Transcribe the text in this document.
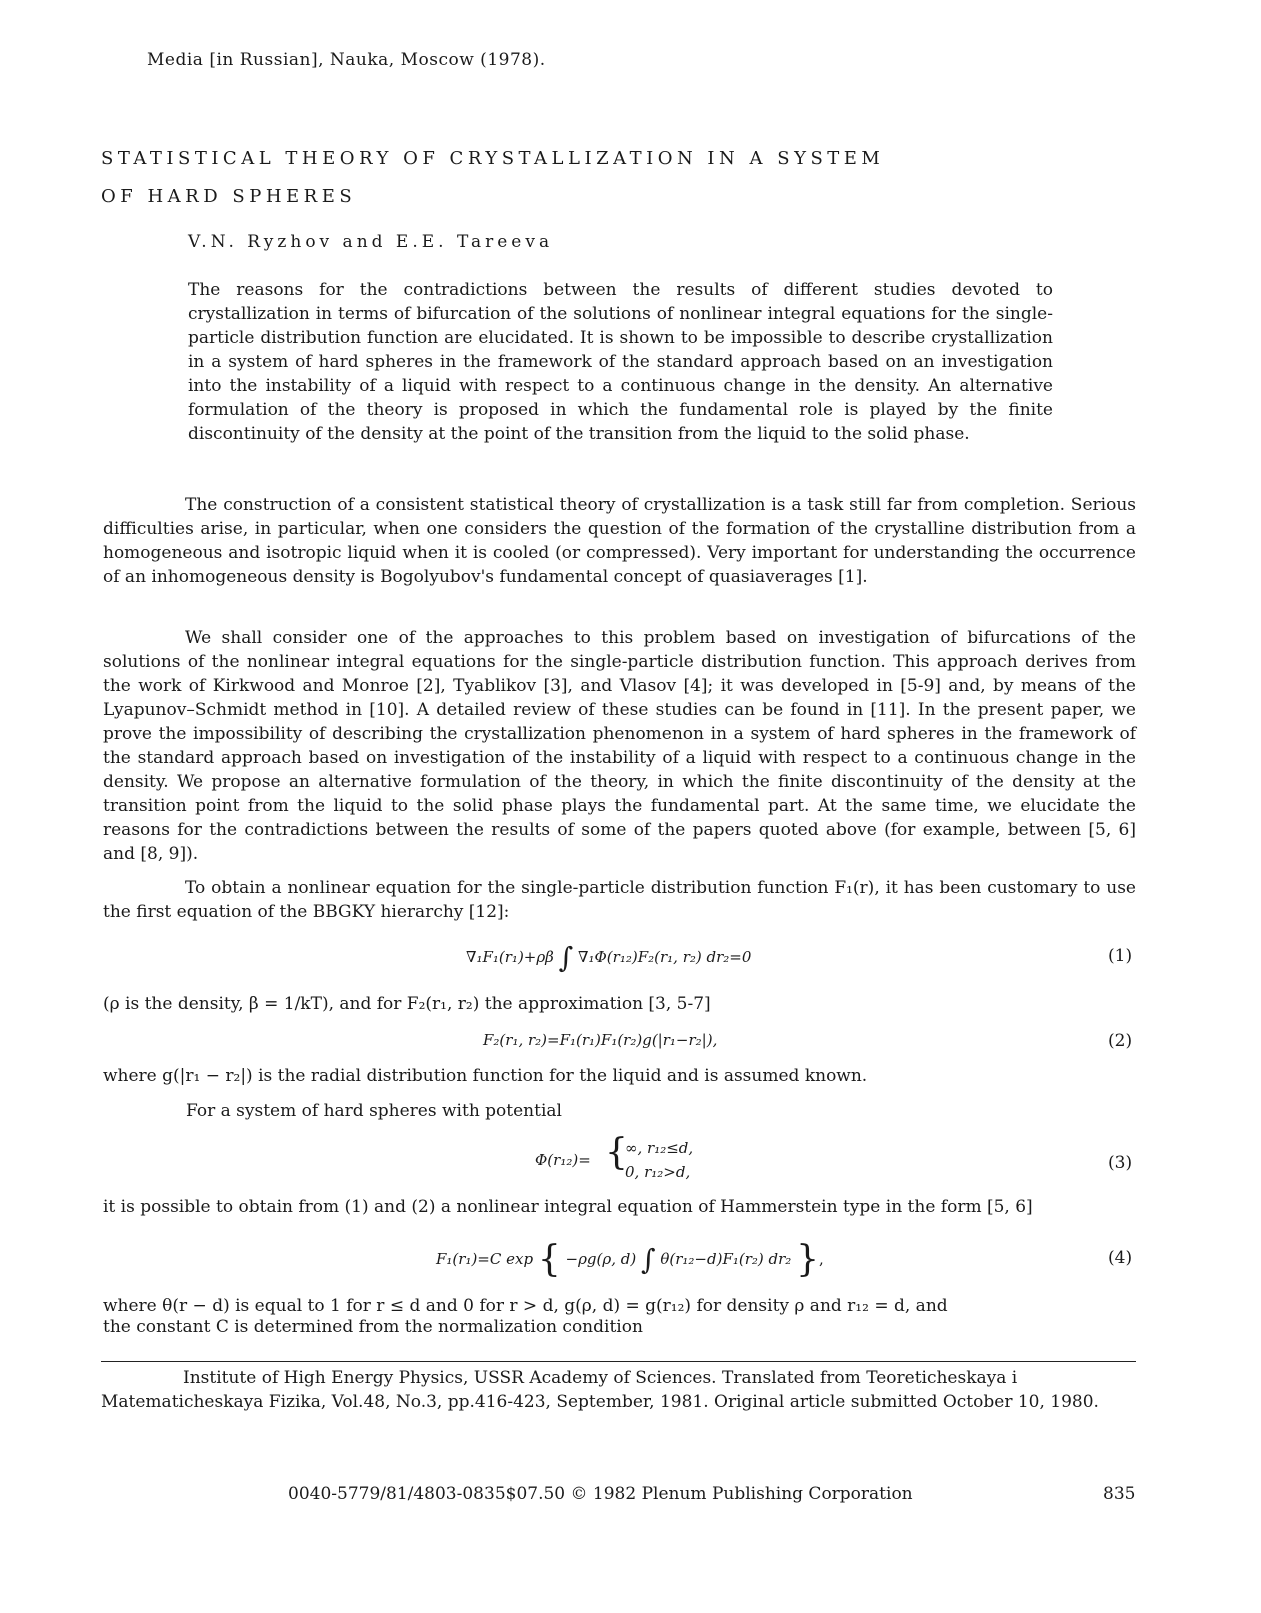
Media [in Russian], Nauka, Moscow (1978).
STATISTICAL THEORY OF CRYSTALLIZATION IN A SYSTEM
OF HARD SPHERES
V.N. Ryzhov and E.E. Tareeva
The reasons for the contradictions between the results of different studies devoted to crystallization in terms of bifurcation of the solutions of nonlinear integral equations for the single-particle distribution function are elucidated. It is shown to be impossible to describe crystallization in a system of hard spheres in the framework of the standard approach based on an investigation into the instability of a liquid with respect to a continuous change in the density. An alternative formulation of the theory is proposed in which the fundamental role is played by the finite discontinuity of the density at the point of the transition from the liquid to the solid phase.
The construction of a consistent statistical theory of crystallization is a task still far from completion. Serious difficulties arise, in particular, when one considers the question of the formation of the crystalline distribution from a homogeneous and isotropic liquid when it is cooled (or compressed). Very important for understanding the occurrence of an inhomogeneous density is Bogolyubov's fundamental concept of quasiaverages [1].
We shall consider one of the approaches to this problem based on investigation of bifurcations of the solutions of the nonlinear integral equations for the single-particle distribution function. This approach derives from the work of Kirkwood and Monroe [2], Tyablikov [3], and Vlasov [4]; it was developed in [5-9] and, by means of the Lyapunov–Schmidt method in [10]. A detailed review of these studies can be found in [11]. In the present paper, we prove the impossibility of describing the crystallization phenomenon in a system of hard spheres in the framework of the standard approach based on investigation of the instability of a liquid with respect to a continuous change in the density. We propose an alternative formulation of the theory, in which the finite discontinuity of the density at the transition point from the liquid to the solid phase plays the fundamental part. At the same time, we elucidate the reasons for the contradictions between the results of some of the papers quoted above (for example, between [5, 6] and [8, 9]).
To obtain a nonlinear equation for the single-particle distribution function F₁(r), it has been customary to use the first equation of the BBGKY hierarchy [12]:
∇₁F₁(r₁)+ρβ ∫ ∇₁Φ(r₁₂)F₂(r₁, r₂) dr₂=0	(1)
(ρ is the density, β = 1/kT), and for F₂(r₁, r₂) the approximation [3, 5-7]
F₂(r₁, r₂)=F₁(r₁)F₁(r₂)g(|r₁−r₂|),	(2)
where g(|r₁ − r₂|) is the radial distribution function for the liquid and is assumed known.
For a system of hard spheres with potential
Φ(r₁₂)= {
∞, r₁₂≤d,
0, r₁₂>d,	(3)
it is possible to obtain from (1) and (2) a nonlinear integral equation of Hammerstein type in the form [5, 6]
F₁(r₁)=C exp { −ρg(ρ, d) ∫ θ(r₁₂−d)F₁(r₂) dr₂ },	(4)
where θ(r − d) is equal to 1 for r ≤ d and 0 for r > d, g(ρ, d) = g(r₁₂) for density ρ and r₁₂ = d, and
the constant C is determined from the normalization condition
Institute of High Energy Physics, USSR Academy of Sciences. Translated from Teoreticheskaya i Matematicheskaya Fizika, Vol.48, No.3, pp.416-423, September, 1981. Original article submitted October 10, 1980.
0040-5779/81/4803-0835$07.50 © 1982 Plenum Publishing Corporation	835
